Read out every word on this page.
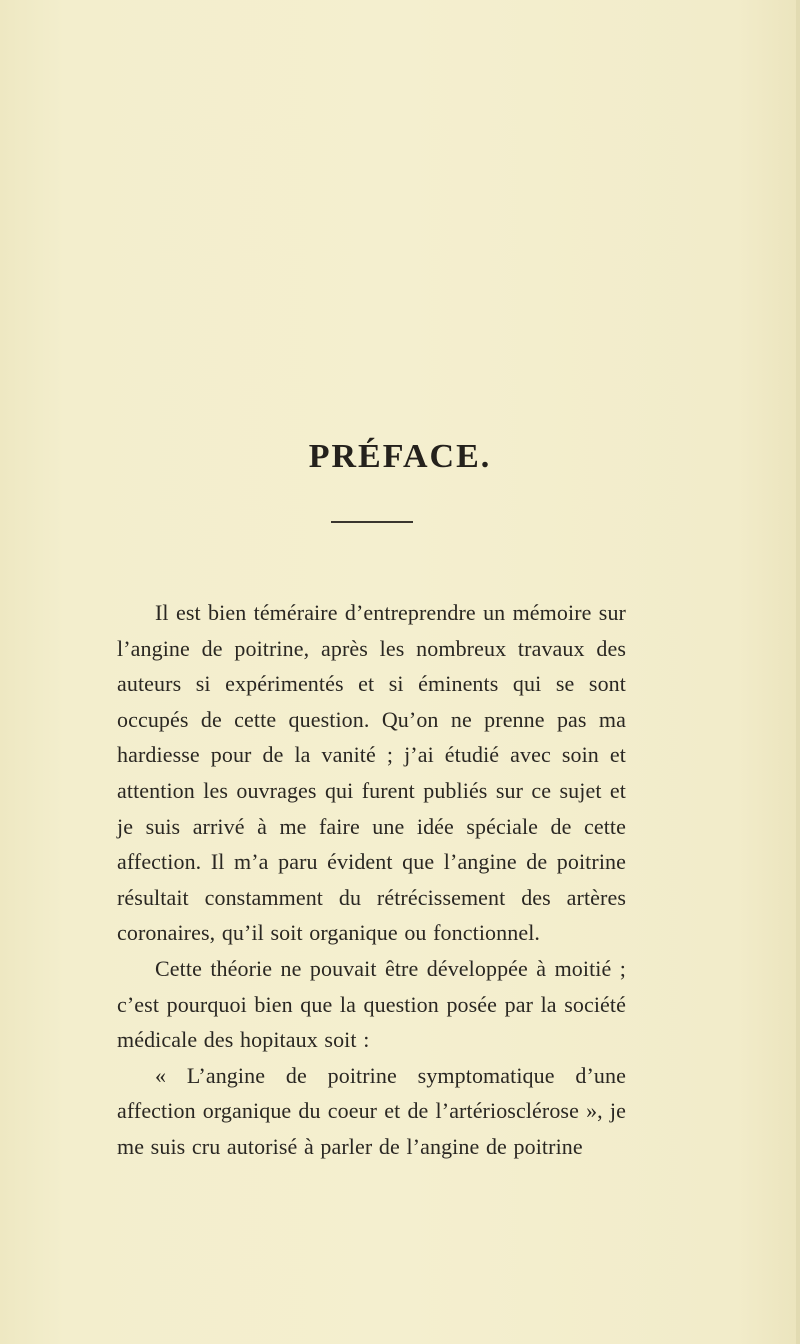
PRÉFACE.

Il est bien téméraire d’entreprendre un mémoire sur l’angine de poitrine, après les nombreux travaux des auteurs si expérimentés et si éminents qui se sont occupés de cette question. Qu’on ne prenne pas ma hardiesse pour de la vanité ; j’ai étudié avec soin et attention les ouvrages qui furent publiés sur ce sujet et je suis arrivé à me faire une idée spéciale de cette affection. Il m’a paru évident que l’angine de poitrine résultait constamment du rétrécissement des artères coronaires, qu’il soit organique ou fonctionnel.

Cette théorie ne pouvait être développée à moitié ; c’est pourquoi bien que la question posée par la société médicale des hopitaux soit :

« L’angine de poitrine symptomatique d’une affection organique du coeur et de l’artériosclérose », je me suis cru autorisé à parler de l’angine de poitrine
